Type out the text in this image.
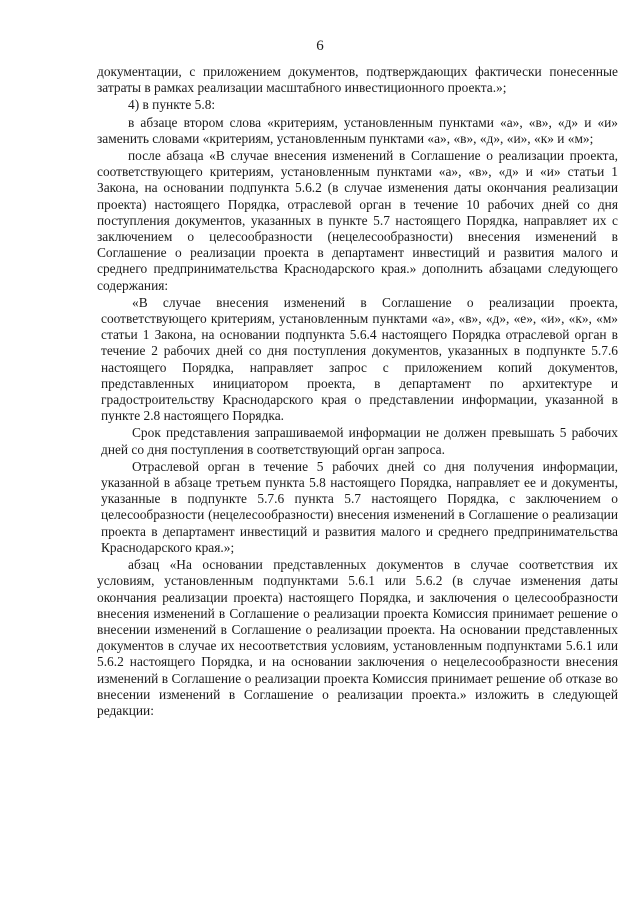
6

документации, с приложением документов, подтверждающих фактически понесенные затраты в рамках реализации масштабного инвестиционного проекта.»;

4) в пункте 5.8:

в абзаце втором слова «критериям, установленным пунктами «а», «в», «д» и «и» заменить словами «критериям, установленным пунктами «а», «в», «д», «и», «к» и «м»;

после абзаца «В случае внесения изменений в Соглашение о реализации проекта, соответствующего критериям, установленным пунктами «а», «в», «д» и «и» статьи 1 Закона, на основании подпункта 5.6.2 (в случае изменения даты окончания реализации проекта) настоящего Порядка, отраслевой орган в течение 10 рабочих дней со дня поступления документов, указанных в пункте 5.7 настоящего Порядка, направляет их с заключением о целесообразности (нецелесообразности) внесения изменений в Соглашение о реализации проекта в департамент инвестиций и развития малого и среднего предпринимательства Краснодарского края.» дополнить абзацами следующего содержания:

«В случае внесения изменений в Соглашение о реализации проекта, соответствующего критериям, установленным пунктами «а», «в», «д», «е», «и», «к», «м» статьи 1 Закона, на основании подпункта 5.6.4 настоящего Порядка отраслевой орган в течение 2 рабочих дней со дня поступления документов, указанных в подпункте 5.7.6 настоящего Порядка, направляет запрос с приложением копий документов, представленных инициатором проекта, в департамент по архитектуре и градостроительству Краснодарского края о представлении информации, указанной в пункте 2.8 настоящего Порядка.

Срок представления запрашиваемой информации не должен превышать 5 рабочих дней со дня поступления в соответствующий орган запроса.

Отраслевой орган в течение 5 рабочих дней со дня получения информации, указанной в абзаце третьем пункта 5.8 настоящего Порядка, направляет ее и документы, указанные в подпункте 5.7.6 пункта 5.7 настоящего Порядка, с заключением о целесообразности (нецелесообразности) внесения изменений в Соглашение о реализации проекта в департамент инвестиций и развития малого и среднего предпринимательства Краснодарского края.»;

абзац «На основании представленных документов в случае соответствия их условиям, установленным подпунктами 5.6.1 или 5.6.2 (в случае изменения даты окончания реализации проекта) настоящего Порядка, и заключения о целесообразности внесения изменений в Соглашение о реализации проекта Комиссия принимает решение о внесении изменений в Соглашение о реализации проекта. На основании представленных документов в случае их несоответствия условиям, установленным подпунктами 5.6.1 или 5.6.2 настоящего Порядка, и на основании заключения о нецелесообразности внесения изменений в Соглашение о реализации проекта Комиссия принимает решение об отказе во внесении изменений в Соглашение о реализации проекта.» изложить в следующей редакции:
